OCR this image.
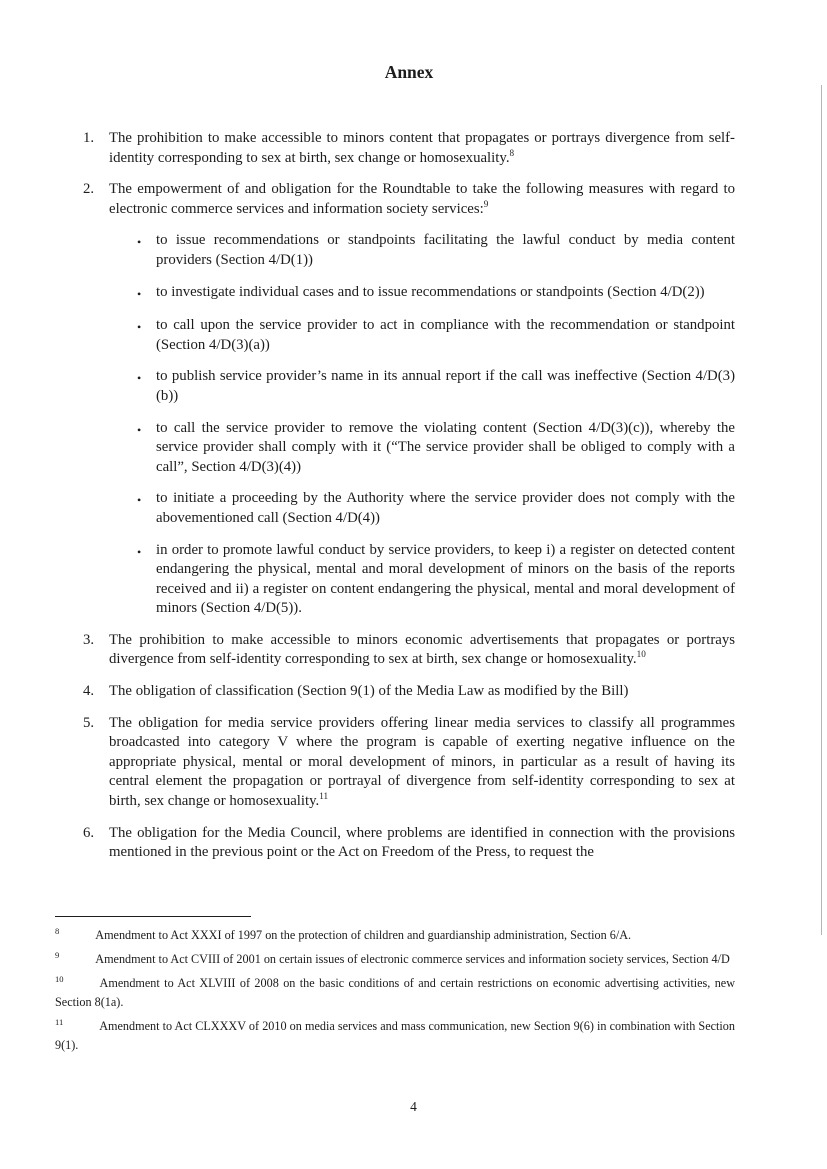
Annex
1.	The prohibition to make accessible to minors content that propagates or portrays divergence from self-identity corresponding to sex at birth, sex change or homosexuality.$^8$
2.	The empowerment of and obligation for the Roundtable to take the following measures with regard to electronic commerce services and information society services:$^9$
• to issue recommendations or standpoints facilitating the lawful conduct by media content providers (Section 4/D(1))
• to investigate individual cases and to issue recommendations or standpoints (Section 4/D(2))
• to call upon the service provider to act in compliance with the recommendation or standpoint (Section 4/D(3)(a))
• to publish service provider’s name in its annual report if the call was ineffective (Section 4/D(3)(b))
• to call the service provider to remove the violating content (Section 4/D(3)(c)), whereby the service provider shall comply with it (“The service provider shall be obliged to comply with a call”, Section 4/D(3)(4))
• to initiate a proceeding by the Authority where the service provider does not comply with the abovementioned call (Section 4/D(4))
• in order to promote lawful conduct by service providers, to keep i) a register on detected content endangering the physical, mental and moral development of minors on the basis of the reports received and ii) a register on content endangering the physical, mental and moral development of minors (Section 4/D(5)).
3.	The prohibition to make accessible to minors economic advertisements that propagates or portrays divergence from self-identity corresponding to sex at birth, sex change or homosexuality.$^{10}$
4.	The obligation of classification (Section 9(1) of the Media Law as modified by the Bill)
5.	The obligation for media service providers offering linear media services to classify all programmes broadcasted into category V where the program is capable of exerting negative influence on the appropriate physical, mental or moral development of minors, in particular as a result of having its central element the propagation or portrayal of divergence from self-identity corresponding to sex at birth, sex change or homosexuality.$^{11}$
6.	The obligation for the Media Council, where problems are identified in connection with the provisions mentioned in the previous point or the Act on Freedom of the Press, to request the

$^8$	Amendment to Act XXXI of 1997 on the protection of children and guardianship administration, Section 6/A.

$^9$	Amendment to Act CVIII of 2001 on certain issues of electronic commerce services and information society services, Section 4/D

$^{10}$	Amendment to Act XLVIII of 2008 on the basic conditions of and certain restrictions on economic advertising activities, new Section 8(1a).

$^{11}$	Amendment to Act CLXXXV of 2010 on media services and mass communication, new Section 9(6) in combination with Section 9(1).

4
